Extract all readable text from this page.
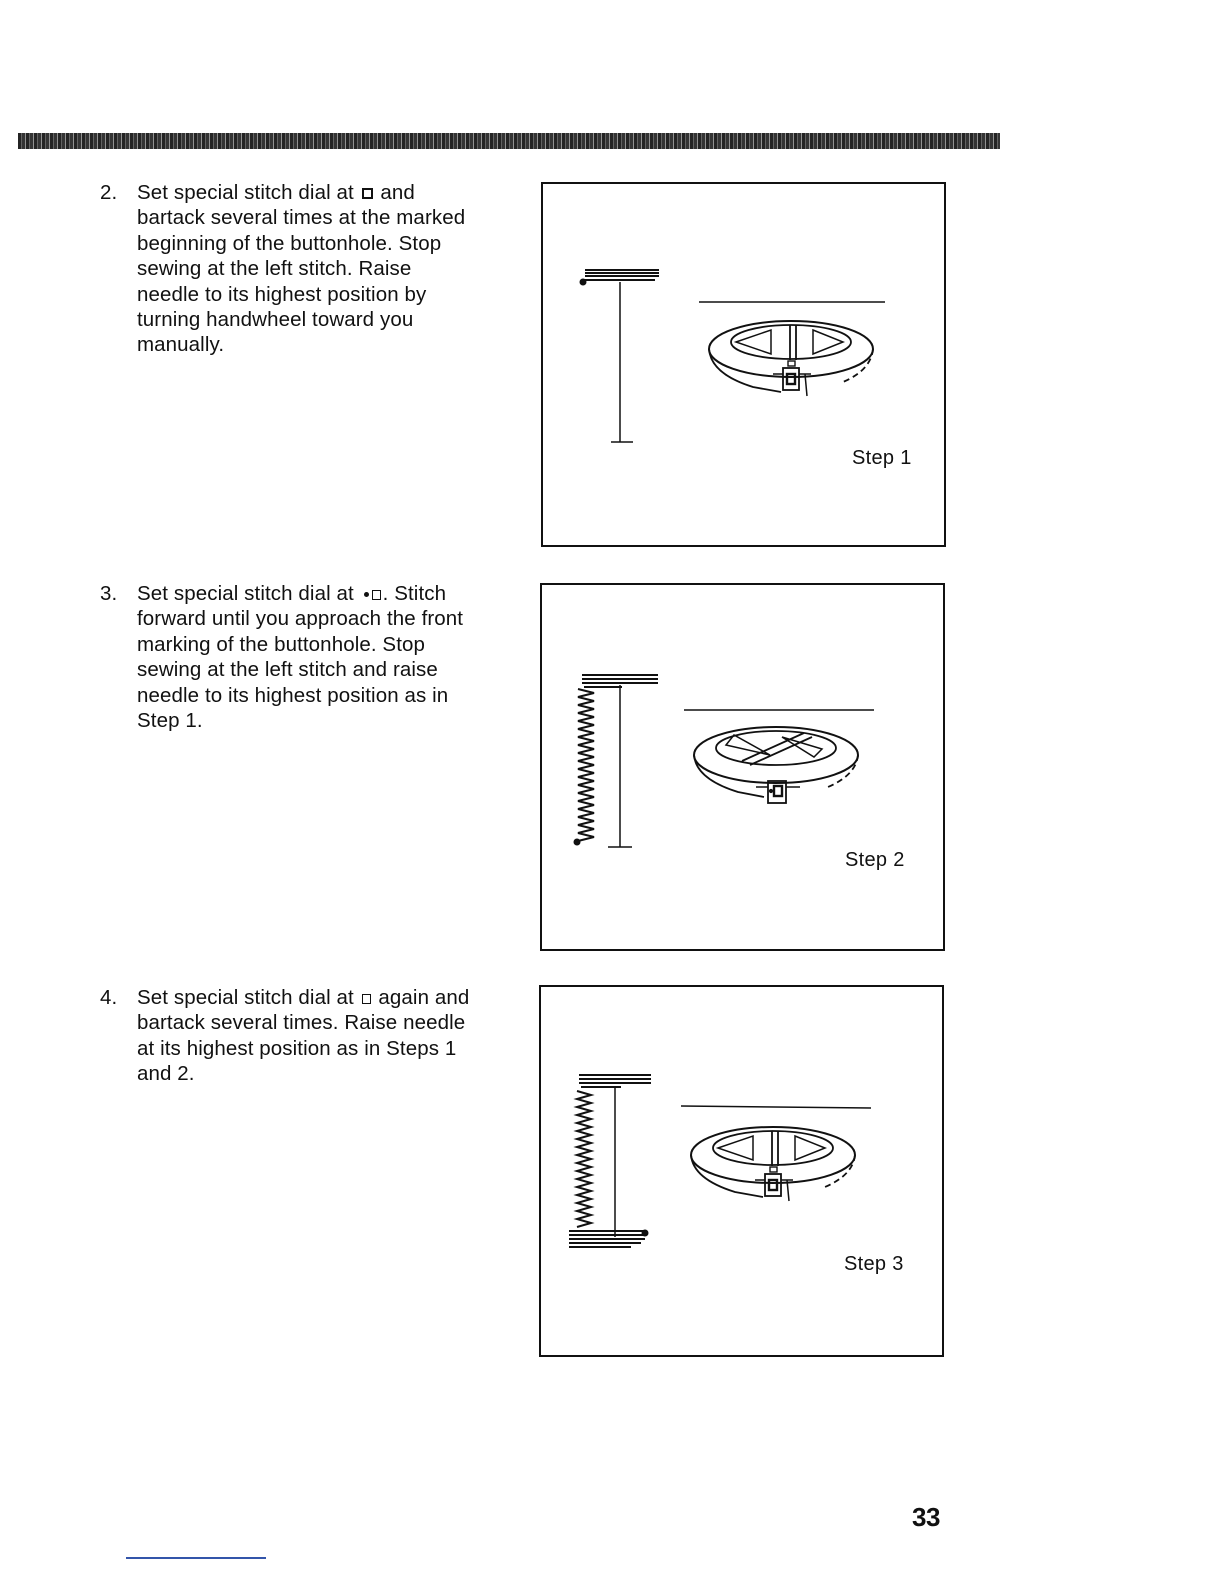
2. Set special stitch dial at and
bartack several times at the marked
beginning of the buttonhole. Stop
sewing at the left stitch. Raise
needle to its highest position by
turning handwheel toward you
manually.
3. Set special stitch dial at . Stitch
forward until you approach the front
marking of the buttonhole. Stop
sewing at the left stitch and raise
needle to its highest position as in
Step 1.
4. Set special stitch dial at again and
bartack several times. Raise needle
at its highest position as in Steps 1
and 2.
Step 1
Step 2
Step 3
33
